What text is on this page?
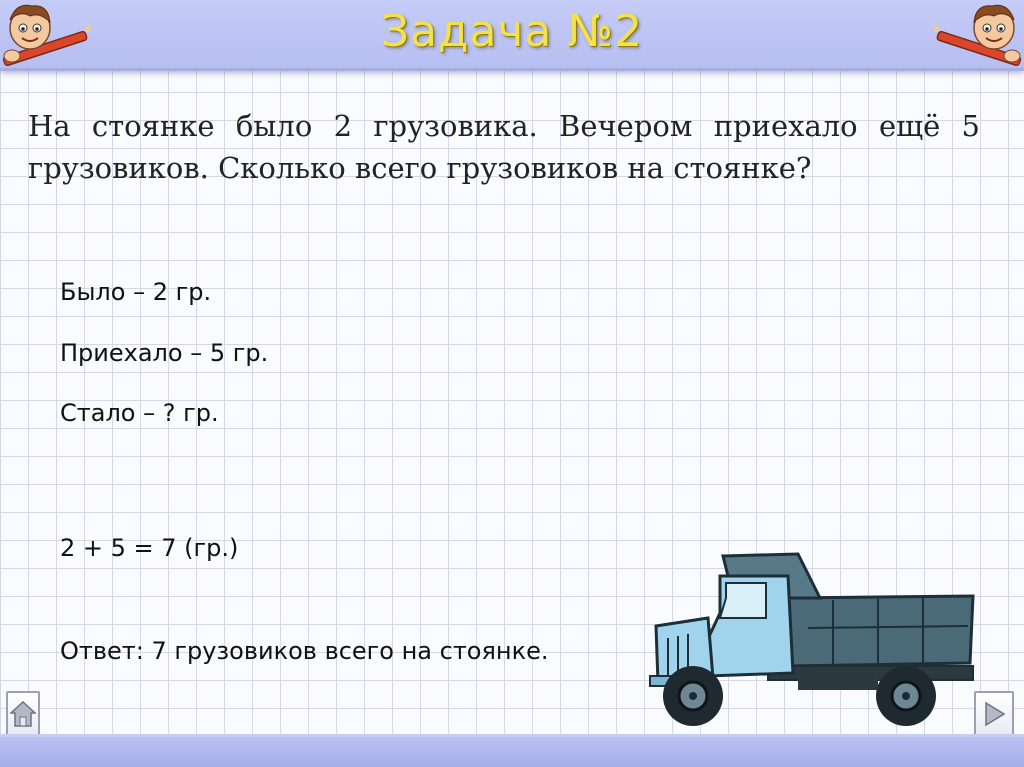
Задача №2

На стоянке было 2 грузовика. Вечером приехало ещё 5 грузовиков. Сколько всего грузовиков на стоянке?

Было – 2 гр.
Приехало – 5 гр.
Стало – ? гр.
2 + 5 = 7 (гр.)
Ответ: 7 грузовиков всего на стоянке.
